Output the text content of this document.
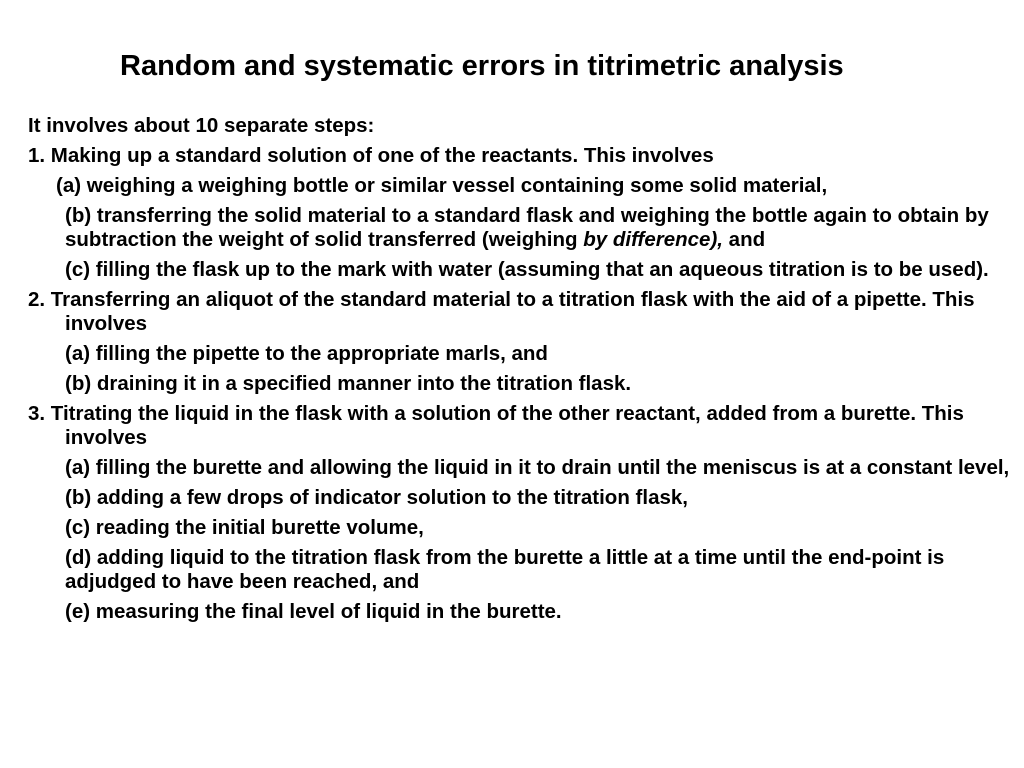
Random and systematic errors in titrimetric analysis

It involves about 10 separate steps:

1. Making up a standard solution of one of the reactants. This involves

(a) weighing a weighing bottle or similar vessel containing some solid material,

(b) transferring the solid material to a standard flask and weighing the bottle again to obtain by subtraction the weight of solid transferred (weighing by difference), and

(c) filling the flask up to the mark with water (assuming that an aqueous titration is to be used).

2. Transferring an aliquot of the standard material to a titration flask with the aid of a pipette. This involves

(a) filling the pipette to the appropriate marls, and

(b) draining it in a specified manner into the titration flask.

3. Titrating the liquid in the flask with a solution of the other reactant, added from a burette. This involves

(a) filling the burette and allowing the liquid in it to drain until the meniscus is at a constant level,

(b) adding a few drops of indicator solution to the titration flask,

(c) reading the initial burette volume,

(d) adding liquid to the titration flask from the burette a little at a time until the end-point is adjudged to have been reached, and

(e) measuring the final level of liquid in the burette.
